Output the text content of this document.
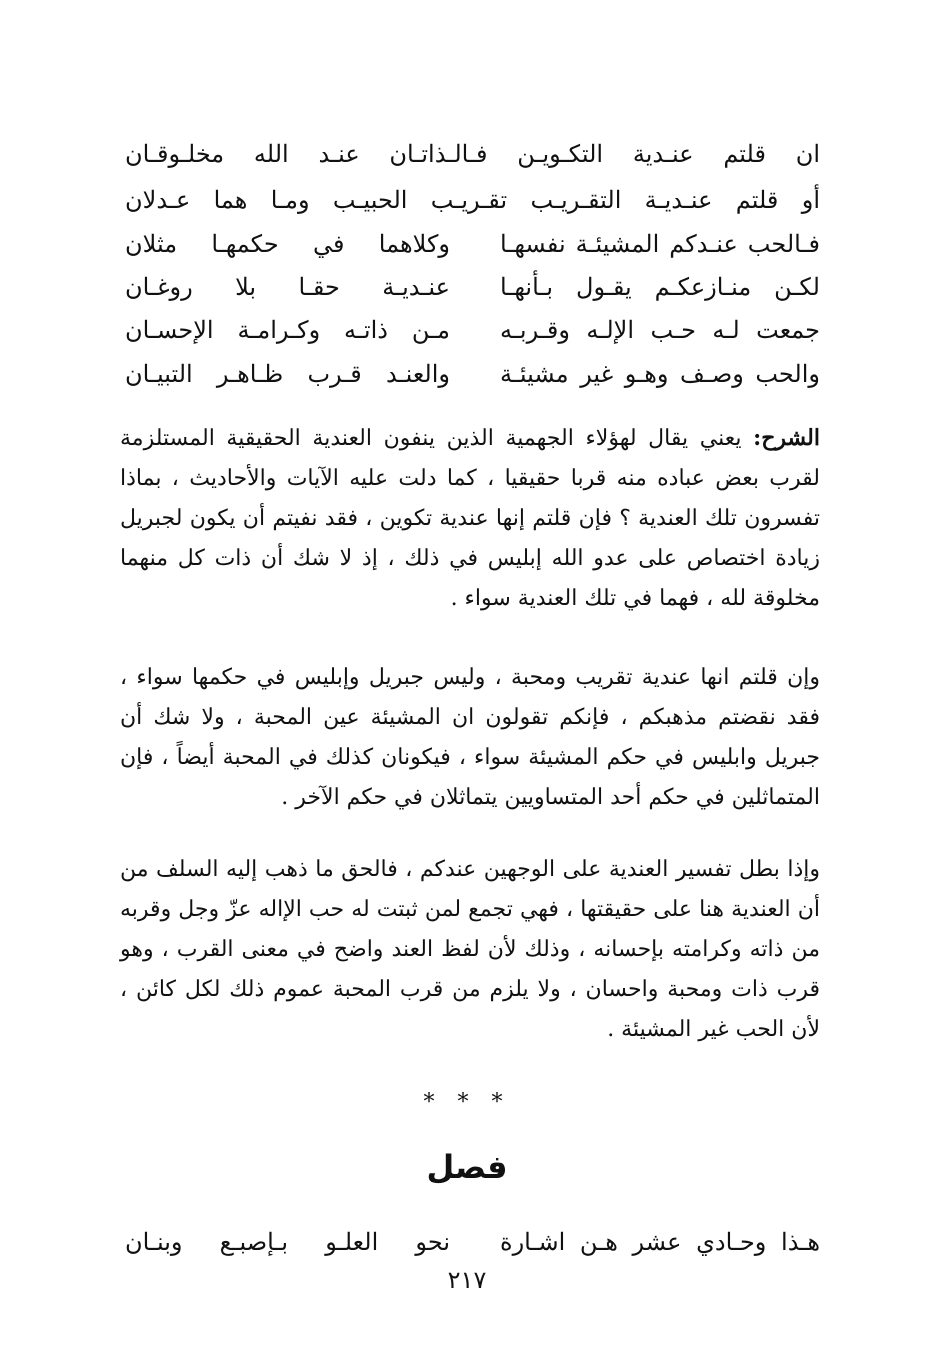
ان قلتم عنـدية التكـويـن فـالـذاتـان عنـد الله مخلـوقـان
أو قلتم عنـديـة التقـريـب تقـريـب الحبيـب ومـا هما عـدلان
فـالحب عنـدكم المشيئـة نفسهـا
وكلاهما في حكمهـا مثلان
لكـن منـازعكـم يقـول بـأنهـا
عنـديـة حقـا بلا روغـان
جمعت لـه حـب الإلـه وقـربـه
مـن ذاتـه وكـرامـة الإحسـان
والحب وصـف وهـو غير مشيئـة
والعنـد قـرب ظـاهـر التبيـان

الشرح: يعني يقال لهؤلاء الجهمية الذين ينفون العندية الحقيقية المستلزمة لقرب بعض عباده منه قربا حقيقيا ، كما دلت عليه الآيات والأحاديث ، بماذا تفسرون تلك العندية ؟ فإن قلتم إنها عندية تكوين ، فقد نفيتم أن يكون لجبريل زيادة اختصاص على عدو الله إبليس في ذلك ، إذ لا شك أن ذات كل منهما مخلوقة لله ، فهما في تلك العندية سواء .

وإن قلتم انها عندية تقريب ومحبة ، وليس جبريل وإبليس في حكمها سواء ، فقد نقضتم مذهبكم ، فإنكم تقولون ان المشيئة عين المحبة ، ولا شك أن جبريل وابليس في حكم المشيئة سواء ، فيكونان كذلك في المحبة أيضاً ، فإن المتماثلين في حكم أحد المتساويين يتماثلان في حكم الآخر .

وإذا بطل تفسير العندية على الوجهين عندكم ، فالحق ما ذهب إليه السلف من أن العندية هنا على حقيقتها ، فهي تجمع لمن ثبتت له حب الإاله عزّ وجل وقربه من ذاته وكرامته بإحسانه ، وذلك لأن لفظ العند واضح في معنى القرب ، وهو قرب ذات ومحبة واحسان ، ولا يلزم من قرب المحبة عموم ذلك لكل كائن ، لأن الحب غير المشيئة .

* * *
فصل
هـذا وحـادي عشر هـن اشـارة
نحو العلـو بـإصبـع وبنـان
٢١٧
